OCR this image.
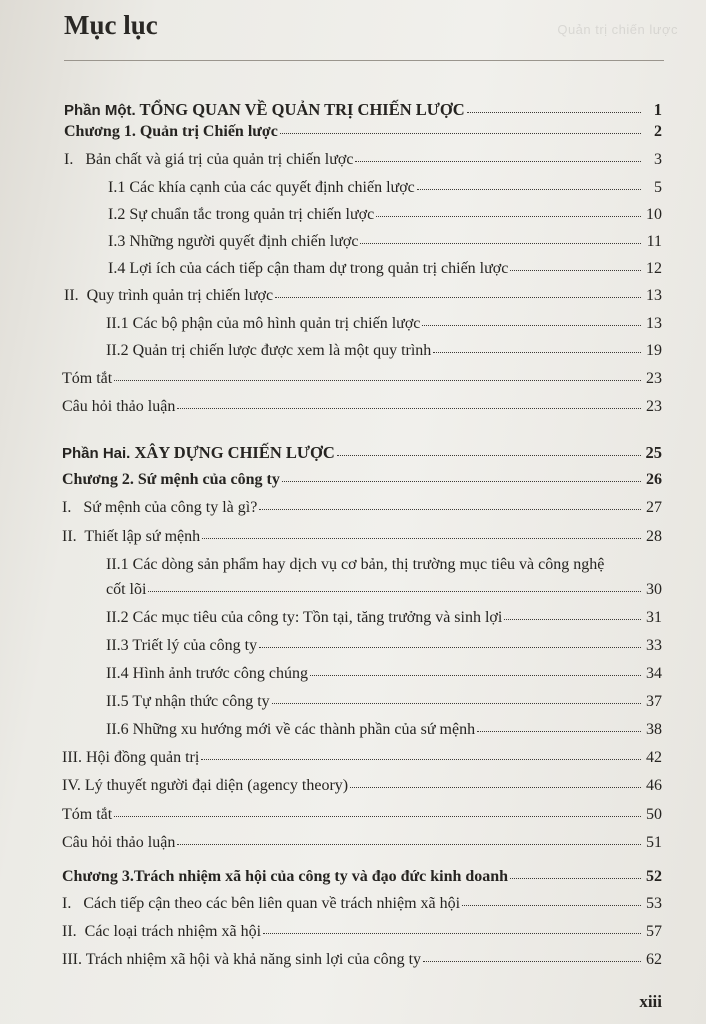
Quản trị chiến lược
Mục lục
Phần Một. TỔNG QUAN VỀ QUẢN TRỊ CHIẾN LƯỢC	1
Chương 1. Quản trị Chiến lược	2
I.   Bản chất và giá trị của quản trị chiến lược	3
I.1 Các khía cạnh của các quyết định chiến lược	5
I.2 Sự chuẩn tắc trong quản trị chiến lược	10
I.3 Những người quyết định chiến lược	11
I.4 Lợi ích của cách tiếp cận tham dự trong quản trị chiến lược	12
II.  Quy trình quản trị chiến lược	13
II.1 Các bộ phận của mô hình quản trị chiến lược	13
II.2 Quản trị chiến lược được xem là một quy trình	19
Tóm tắt	23
Câu hỏi thảo luận	23
Phần Hai. XÂY DỰNG CHIẾN LƯỢC	25
Chương 2. Sứ mệnh của công ty	26
I.   Sứ mệnh của công ty là gì?	27
II.  Thiết lập sứ mệnh	28
II.1 Các dòng sản phẩm hay dịch vụ cơ bản, thị trường mục tiêu và công nghệ
cốt lõi	30
II.2 Các mục tiêu của công ty: Tồn tại, tăng trưởng và sinh lợi	31
II.3 Triết lý của công ty	33
II.4 Hình ảnh trước công chúng	34
II.5 Tự nhận thức công ty	37
II.6 Những xu hướng mới về các thành phần của sứ mệnh	38
III. Hội đồng quản trị	42
IV. Lý thuyết người đại diện (agency theory)	46
Tóm tắt	50
Câu hỏi thảo luận	51
Chương 3.Trách nhiệm xã hội của công ty và đạo đức kinh doanh	52
I.   Cách tiếp cận theo các bên liên quan về trách nhiệm xã hội	53
II.  Các loại trách nhiệm xã hội	57
III. Trách nhiệm xã hội và khả năng sinh lợi của công ty	62
xiii
